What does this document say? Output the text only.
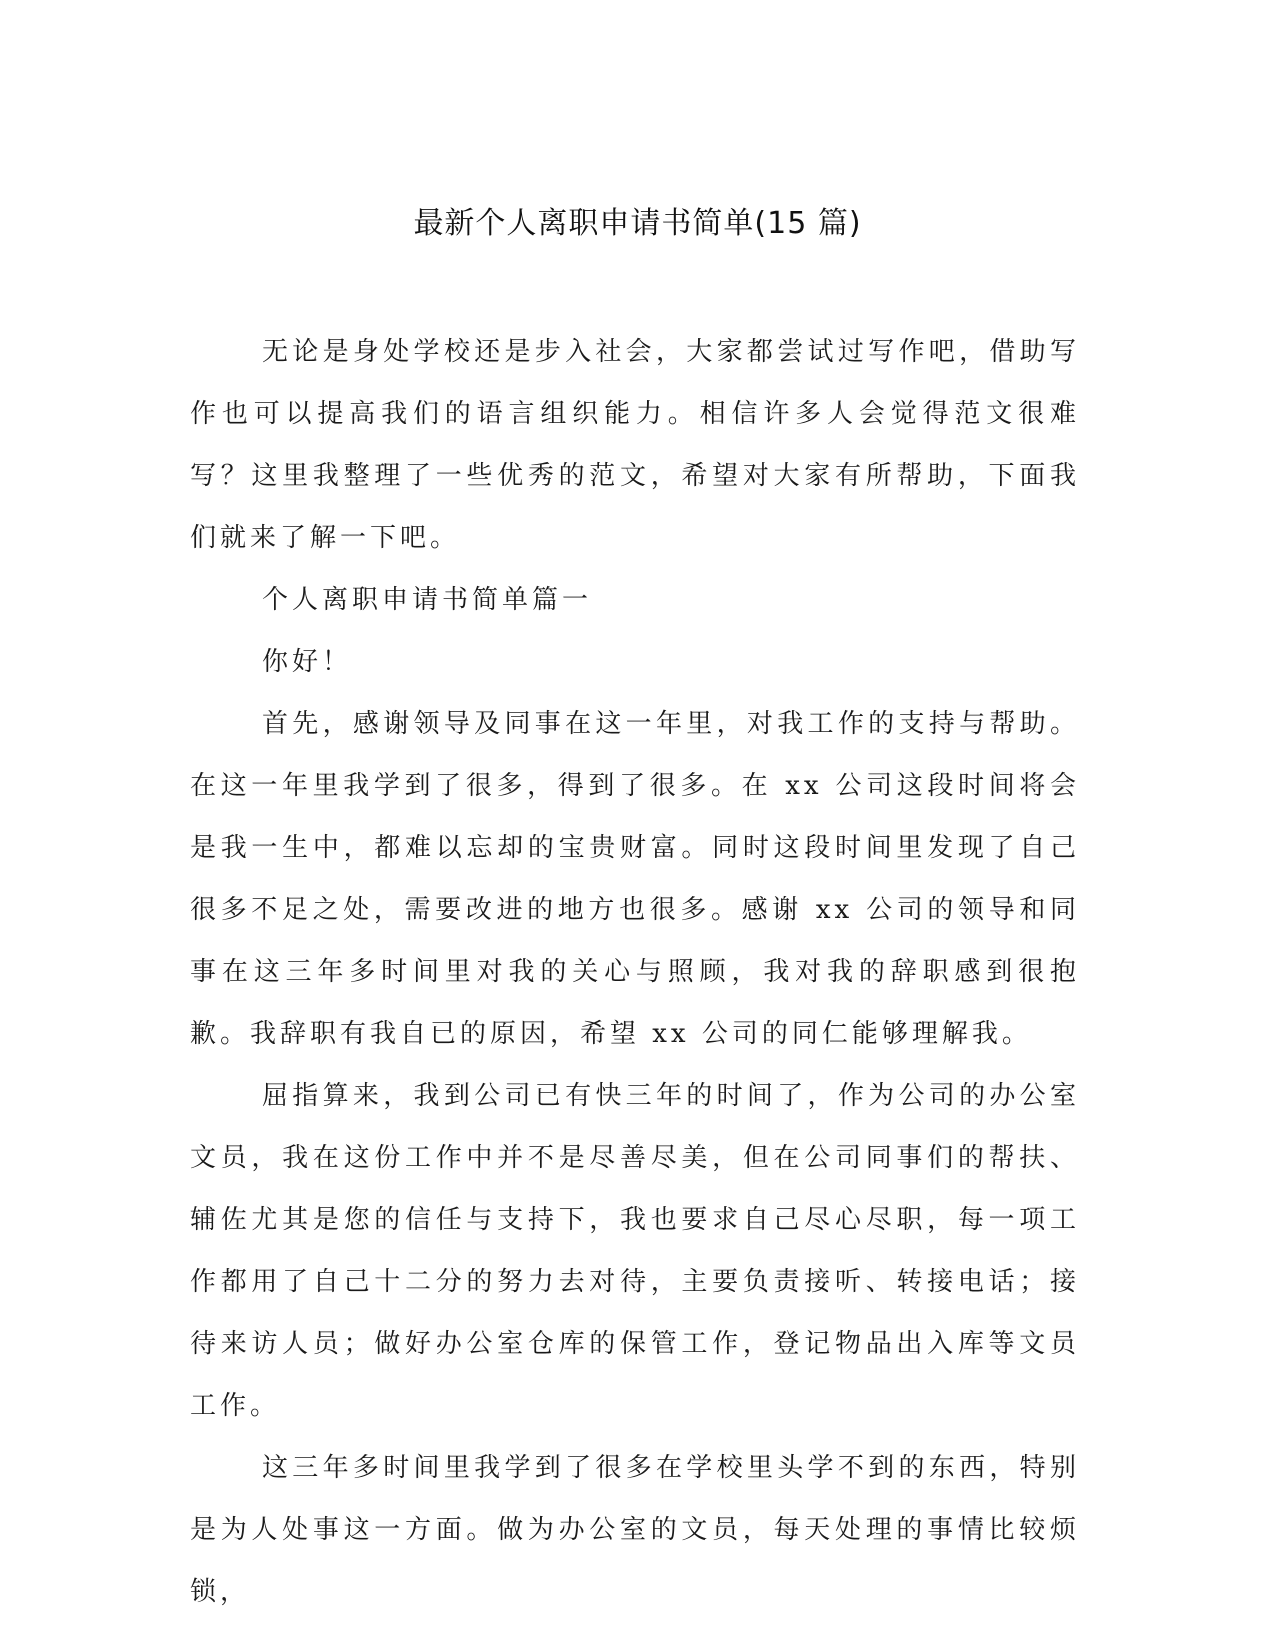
最新个人离职申请书简单(15 篇)

无论是身处学校还是步入社会，大家都尝试过写作吧，借助写作也可以提高我们的语言组织能力。相信许多人会觉得范文很难写？这里我整理了一些优秀的范文，希望对大家有所帮助，下面我们就来了解一下吧。

个人离职申请书简单篇一

你好！

首先，感谢领导及同事在这一年里，对我工作的支持与帮助。在这一年里我学到了很多，得到了很多。在 xx 公司这段时间将会是我一生中，都难以忘却的宝贵财富。同时这段时间里发现了自己很多不足之处，需要改进的地方也很多。感谢 xx 公司的领导和同事在这三年多时间里对我的关心与照顾，我对我的辞职感到很抱歉。我辞职有我自已的原因，希望 xx 公司的同仁能够理解我。

屈指算来，我到公司已有快三年的时间了，作为公司的办公室文员，我在这份工作中并不是尽善尽美，但在公司同事们的帮扶、辅佐尤其是您的信任与支持下，我也要求自己尽心尽职，每一项工作都用了自己十二分的努力去对待，主要负责接听、转接电话；接待来访人员；做好办公室仓库的保管工作，登记物品出入库等文员工作。

这三年多时间里我学到了很多在学校里头学不到的东西，特别是为人处事这一方面。做为办公室的文员，每天处理的事情比较烦锁，
